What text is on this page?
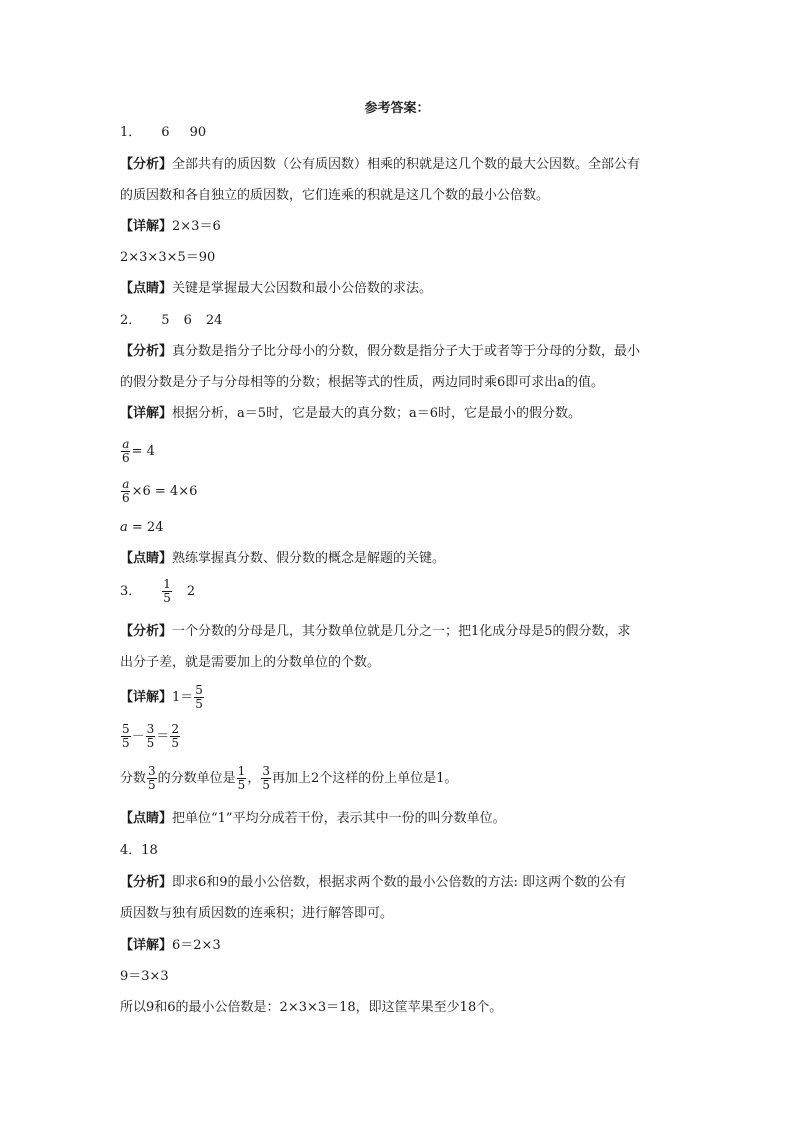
参考答案：
1． 6 90
【分析】全部共有的质因数（公有质因数）相乘的积就是这几个数的最大公因数。全部公有
的质因数和各自独立的质因数，它们连乘的积就是这几个数的最小公倍数。
【详解】2×3＝6
2×3×3×5＝90
【点睛】关键是掌握最大公因数和最小公倍数的求法。
2． 5 6 24
【分析】真分数是指分子比分母小的分数，假分数是指分子大于或者等于分母的分数，最小
的假分数是分子与分母相等的分数；根据等式的性质，两边同时乘6即可求出a的值。
【详解】根据分析，a＝5时，它是最大的真分数；a＝6时，它是最小的假分数。
$\frac{a}{6} = 4$
$\frac{a}{6} \times 6 = 4\times 6$
a = 24
【点睛】熟练掌握真分数、假分数的概念是解题的关键。
3． $\frac{1}{5} 2$
【分析】一个分数的分母是几，其分数单位就是几分之一；把1化成分母是5的假分数，求
出分子差，就是需要加上的分数单位的个数。
【详解】$1= \frac{5}{5}$
$\frac{5}{5} - \frac{3}{5} = \frac{2}{5}$
分数 $\frac{3}{5}$ 的分数单位是 $\frac{1}{5}$ ， $\frac{3}{5}$ 再加上2个这样的份上单位是1。
【点睛】把单位“1”平均分成若干份，表示其中一份的叫分数单位。
4．18
【分析】即求6和9的最小公倍数，根据求两个数的最小公倍数的方法: 即这两个数的公有
质因数与独有质因数的连乘积；进行解答即可。
【详解】6＝2×3
9＝3×3
所以9和6的最小公倍数是：2×3×3＝18，即这筐苹果至少18个。
